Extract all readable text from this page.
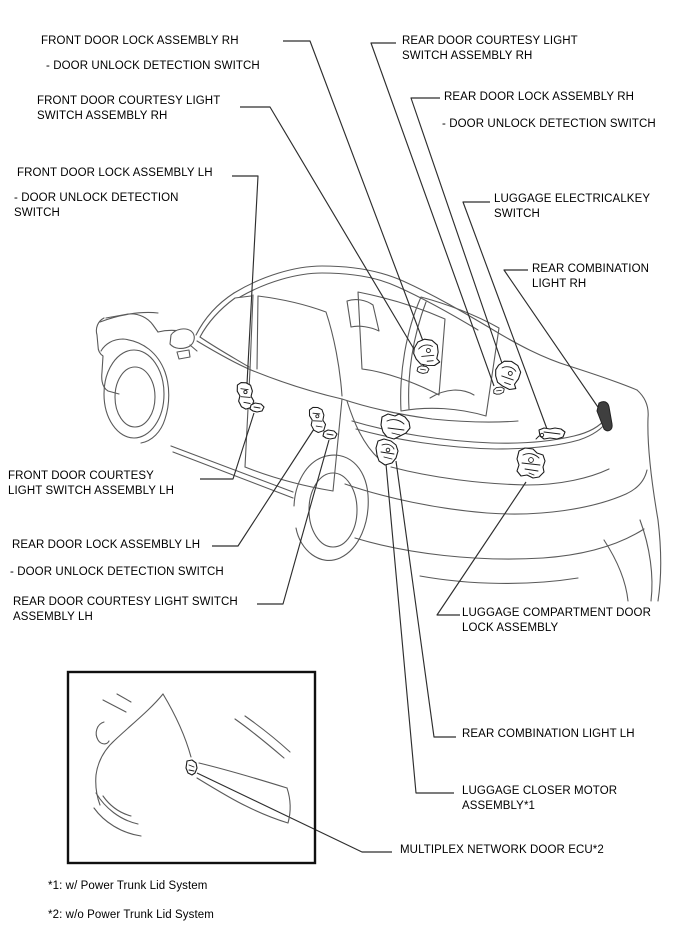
FRONT DOOR LOCK ASSEMBLY RH
- DOOR UNLOCK DETECTION SWITCH
FRONT DOOR COURTESY LIGHT
SWITCH ASSEMBLY RH
FRONT DOOR LOCK ASSEMBLY LH
- DOOR UNLOCK DETECTION
SWITCH
REAR DOOR COURTESY LIGHT
SWITCH ASSEMBLY RH
REAR DOOR LOCK ASSEMBLY RH
- DOOR UNLOCK DETECTION SWITCH
LUGGAGE ELECTRICALKEY
SWITCH
REAR COMBINATION
LIGHT RH
FRONT DOOR COURTESY
LIGHT SWITCH ASSEMBLY LH
REAR DOOR LOCK ASSEMBLY LH
- DOOR UNLOCK DETECTION SWITCH
REAR DOOR COURTESY LIGHT SWITCH
ASSEMBLY LH	LUGGAGE COMPARTMENT DOOR
LOCK ASSEMBLY
REAR COMBINATION LIGHT LH
LUGGAGE CLOSER MOTOR
ASSEMBLY*1
MULTIPLEX NETWORK DOOR ECU*2
*1: w/ Power Trunk Lid System
*2: w/o Power Trunk Lid System
